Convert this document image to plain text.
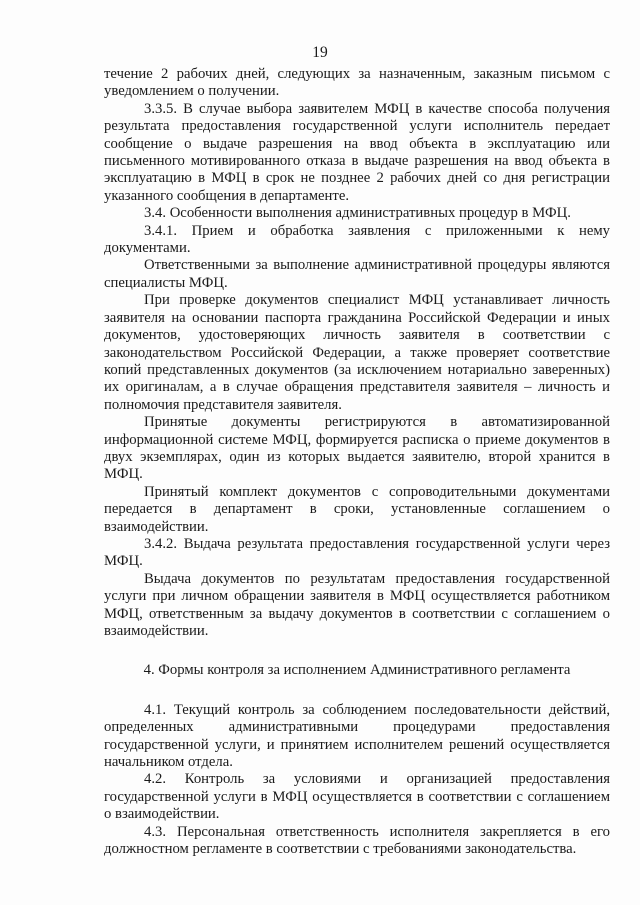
19

течение 2 рабочих дней, следующих за назначенным, заказным письмом с уведомлением о получении.

3.3.5. В случае выбора заявителем МФЦ в качестве способа получения результата предоставления государственной услуги исполнитель передает сообщение о выдаче разрешения на ввод объекта в эксплуатацию или письменного мотивированного отказа в выдаче разрешения на ввод объекта в эксплуатацию в МФЦ в срок не позднее 2 рабочих дней со дня регистрации указанного сообщения в департаменте.

3.4. Особенности выполнения административных процедур в МФЦ.

3.4.1. Прием и обработка заявления с приложенными к нему документами.

Ответственными за выполнение административной процедуры являются специалисты МФЦ.

При проверке документов специалист МФЦ устанавливает личность заявителя на основании паспорта гражданина Российской Федерации и иных документов, удостоверяющих личность заявителя в соответствии с законодательством Российской Федерации, а также проверяет соответствие копий представленных документов (за исключением нотариально заверенных) их оригиналам, а в случае обращения представителя заявителя – личность и полномочия представителя заявителя.

Принятые документы регистрируются в автоматизированной информационной системе МФЦ, формируется расписка о приеме документов в двух экземплярах, один из которых выдается заявителю, второй хранится в МФЦ.

Принятый комплект документов с сопроводительными документами передается в департамент в сроки, установленные соглашением о взаимодействии.

3.4.2. Выдача результата предоставления государственной услуги через МФЦ.

Выдача документов по результатам предоставления государственной услуги при личном обращении заявителя в МФЦ осуществляется работником МФЦ, ответственным за выдачу документов в соответствии с соглашением о взаимодействии.

4. Формы контроля за исполнением Административного регламента

4.1. Текущий контроль за соблюдением последовательности действий, определенных административными процедурами предоставления государственной услуги, и принятием исполнителем решений осуществляется начальником отдела.

4.2. Контроль за условиями и организацией предоставления государственной услуги в МФЦ осуществляется в соответствии с соглашением о взаимодействии.

4.3. Персональная ответственность исполнителя закрепляется в его должностном регламенте в соответствии с требованиями законодательства.
